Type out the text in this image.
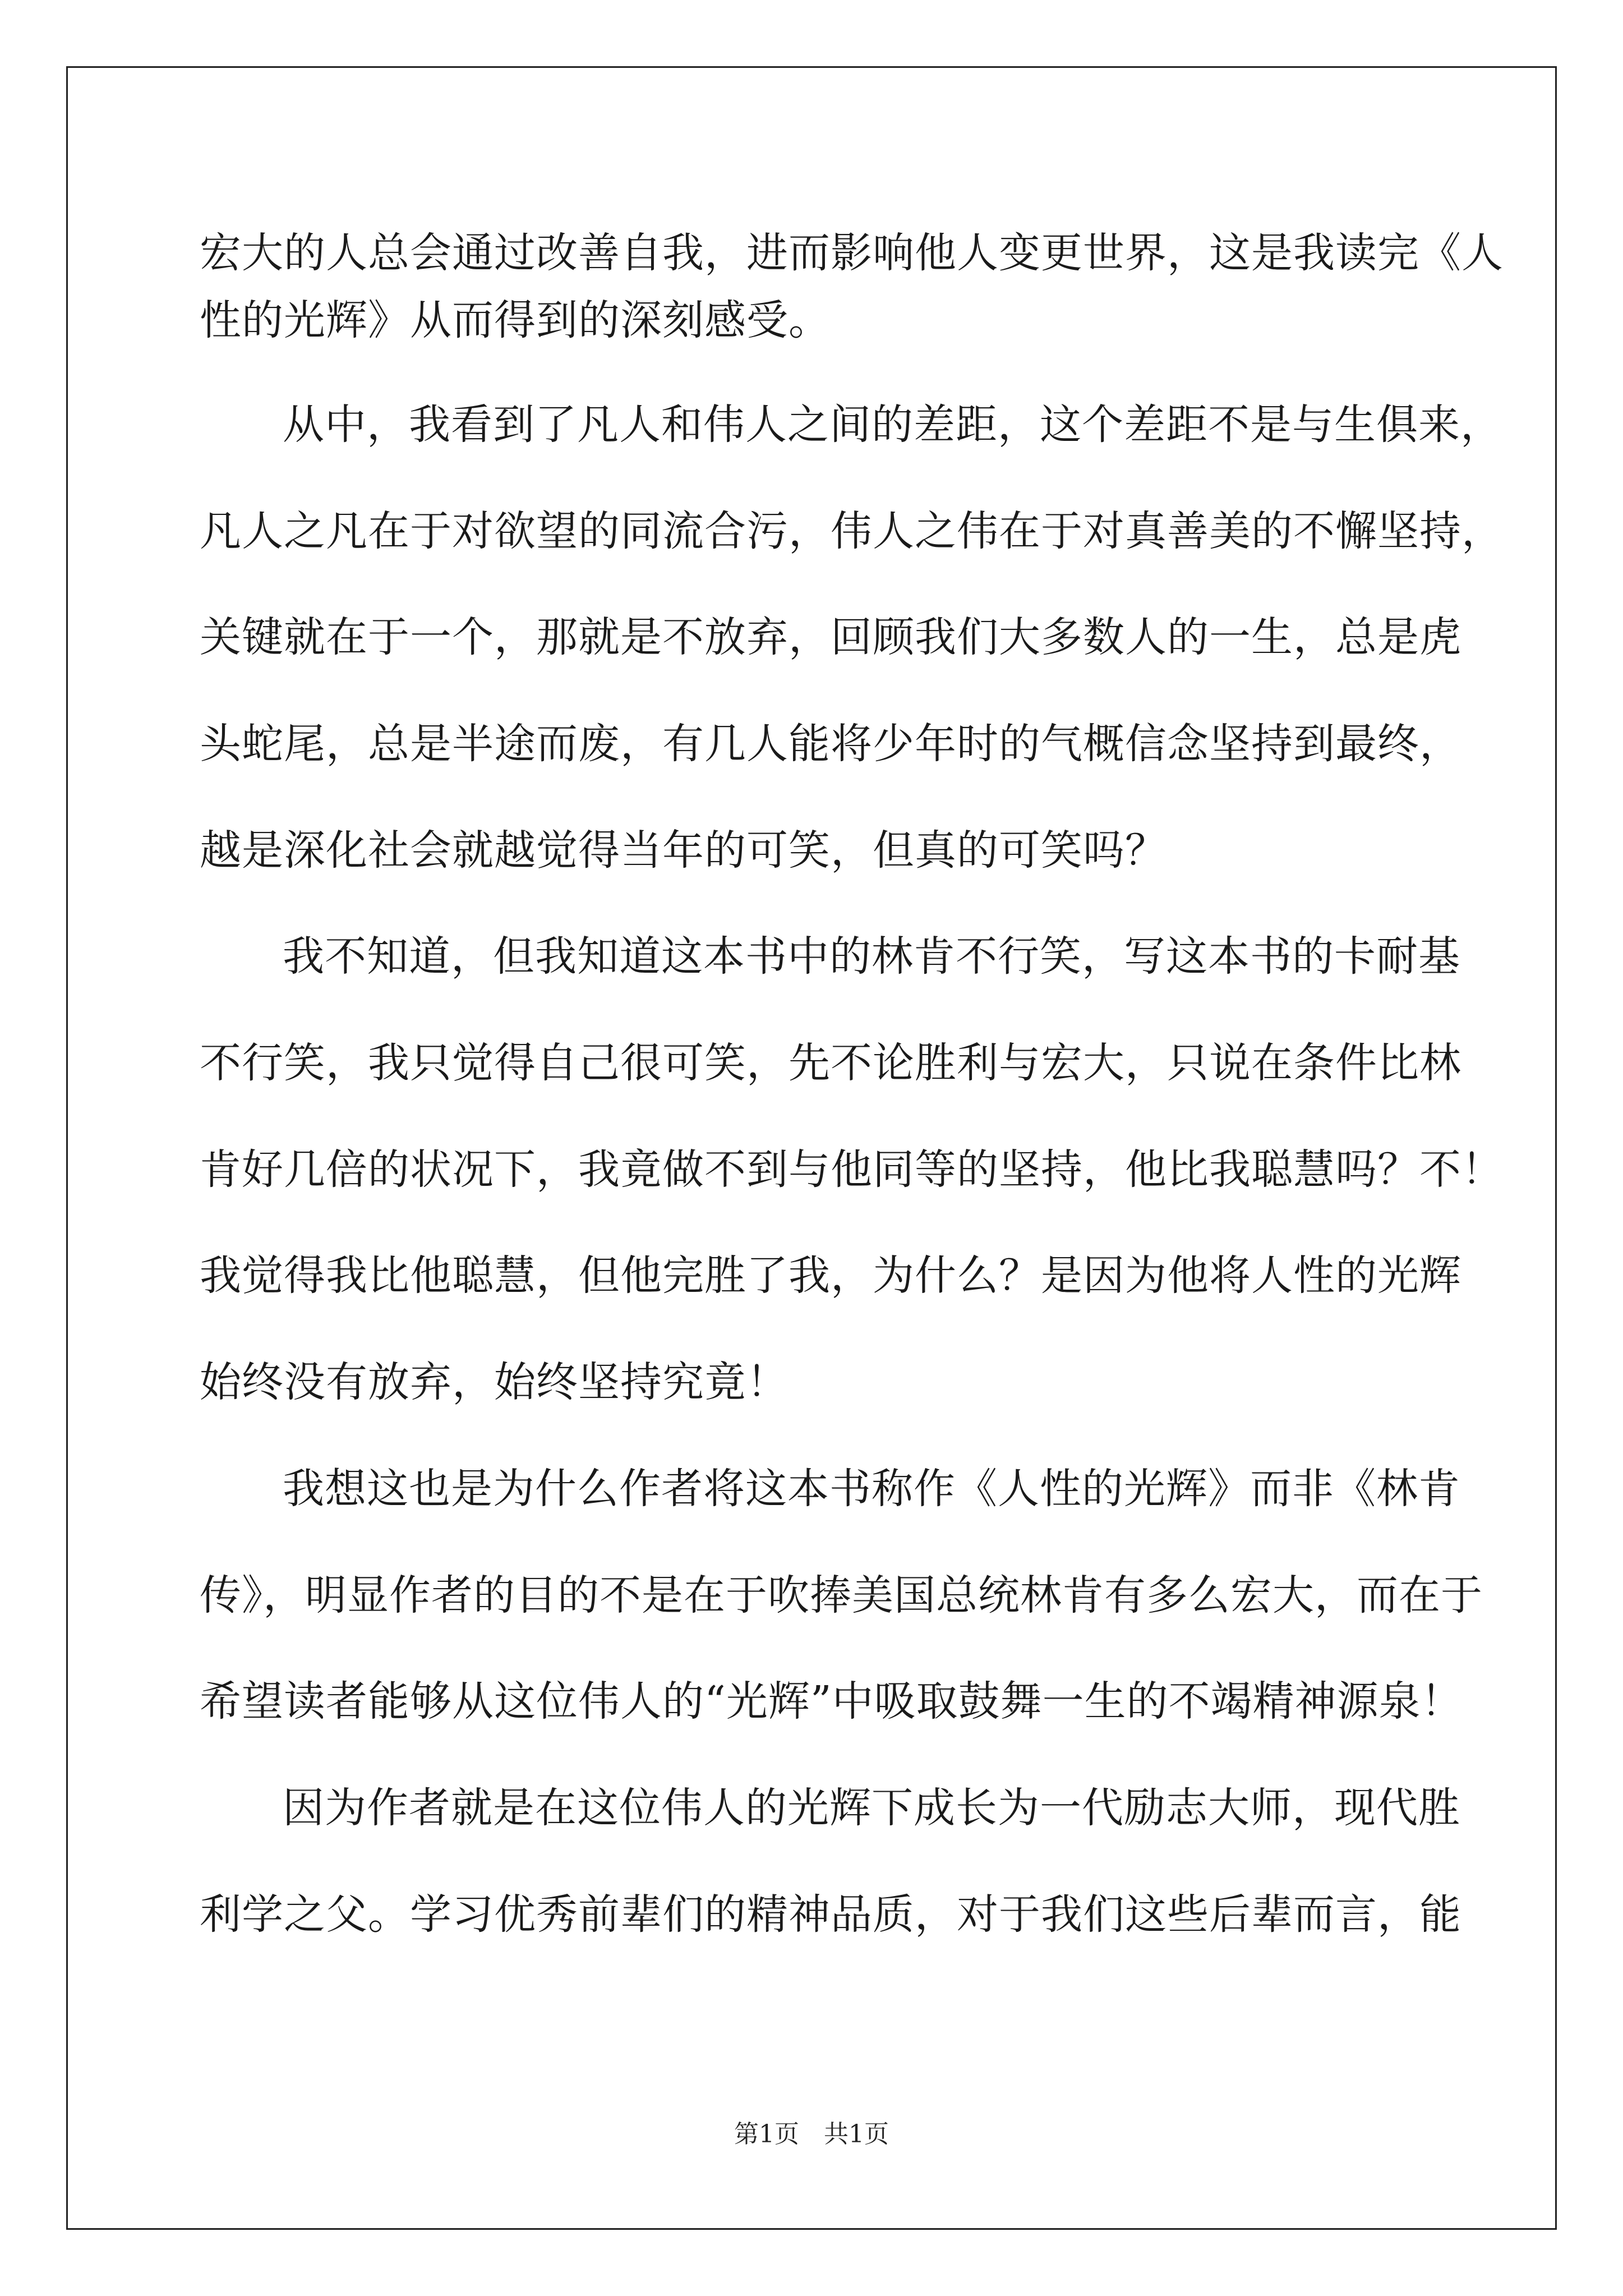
宏大的人总会通过改善自我，进而影响他人变更世界，这是我读完《人
性的光辉》从而得到的深刻感受。
从中，我看到了凡人和伟人之间的差距，这个差距不是与生俱来，
凡人之凡在于对欲望的同流合污，伟人之伟在于对真善美的不懈坚持，
关键就在于一个，那就是不放弃，回顾我们大多数人的一生，总是虎
头蛇尾，总是半途而废，有几人能将少年时的气概信念坚持到最终，
越是深化社会就越觉得当年的可笑，但真的可笑吗？
我不知道，但我知道这本书中的林肯不行笑，写这本书的卡耐基
不行笑，我只觉得自己很可笑，先不论胜利与宏大，只说在条件比林
肯好几倍的状况下，我竟做不到与他同等的坚持，他比我聪慧吗？不！
我觉得我比他聪慧，但他完胜了我，为什么？是因为他将人性的光辉
始终没有放弃，始终坚持究竟！
我想这也是为什么作者将这本书称作《人性的光辉》而非《林肯
传》，明显作者的目的不是在于吹捧美国总统林肯有多么宏大，而在于
希望读者能够从这位伟人的“光辉”中吸取鼓舞一生的不竭精神源泉！
因为作者就是在这位伟人的光辉下成长为一代励志大师，现代胜
利学之父。学习优秀前辈们的精神品质，对于我们这些后辈而言，能
第1页　共1页
